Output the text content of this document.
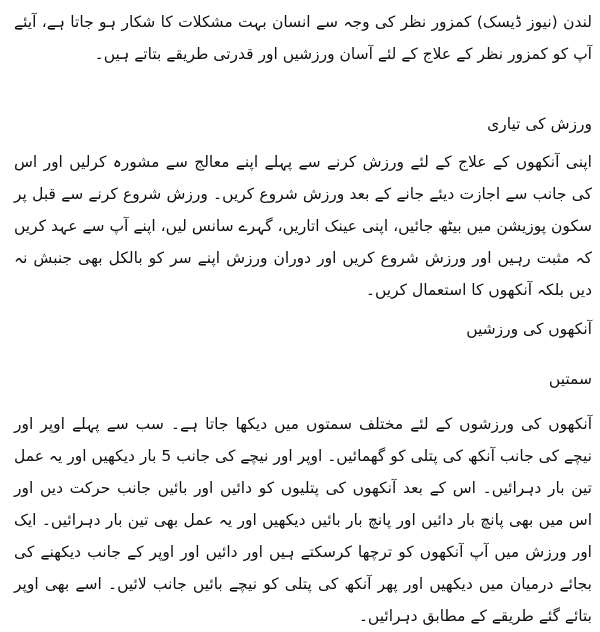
لندن (نیوز ڈیسک) کمزور نظر کی وجہ سے انسان بہت مشکلات کا شکار ہو جاتا ہے، آیئے آپ کو کمزور نظر کے علاج کے لئے آسان ورزشیں اور قدرتی طریقے بتاتے ہیں۔

ورزش کی تیاری

اپنی آنکھوں کے علاج کے لئے ورزش کرنے سے پہلے اپنے معالج سے مشورہ کرلیں اور اس کی جانب سے اجازت دیئے جانے کے بعد ورزش شروع کریں۔ ورزش شروع کرنے سے قبل پر سکون پوزیشن میں بیٹھ جائیں، اپنی عینک اتاریں، گہرے سانس لیں، اپنے آپ سے عہد کریں کہ مثبت رہیں اور ورزش شروع کریں اور دوران ورزش اپنے سر کو بالکل بھی جنبش نہ دیں بلکہ آنکھوں کا استعمال کریں۔

آنکھوں کی ورزشیں

سمتیں

آنکھوں کی ورزشوں کے لئے مختلف سمتوں میں دیکھا جاتا ہے۔ سب سے پہلے اوپر اور نیچے کی جانب آنکھ کی پتلی کو گھمائیں۔ اوپر اور نیچے کی جانب 5 بار دیکھیں اور یہ عمل تین بار دہرائیں۔ اس کے بعد آنکھوں کی پتلیوں کو دائیں اور بائیں جانب حرکت دیں اور اس میں بھی پانچ بار دائیں اور پانچ بار بائیں دیکھیں اور یہ عمل بھی تین بار دہرائیں۔ ایک اور ورزش میں آپ آنکھوں کو ترچھا کرسکتے ہیں اور دائیں اور اوپر کے جانب دیکھنے کی بجائے درمیان میں دیکھیں اور پھر آنکھ کی پتلی کو نیچے بائیں جانب لائیں۔ اسے بھی اوپر بتائے گئے طریقے کے مطابق دہرائیں۔
